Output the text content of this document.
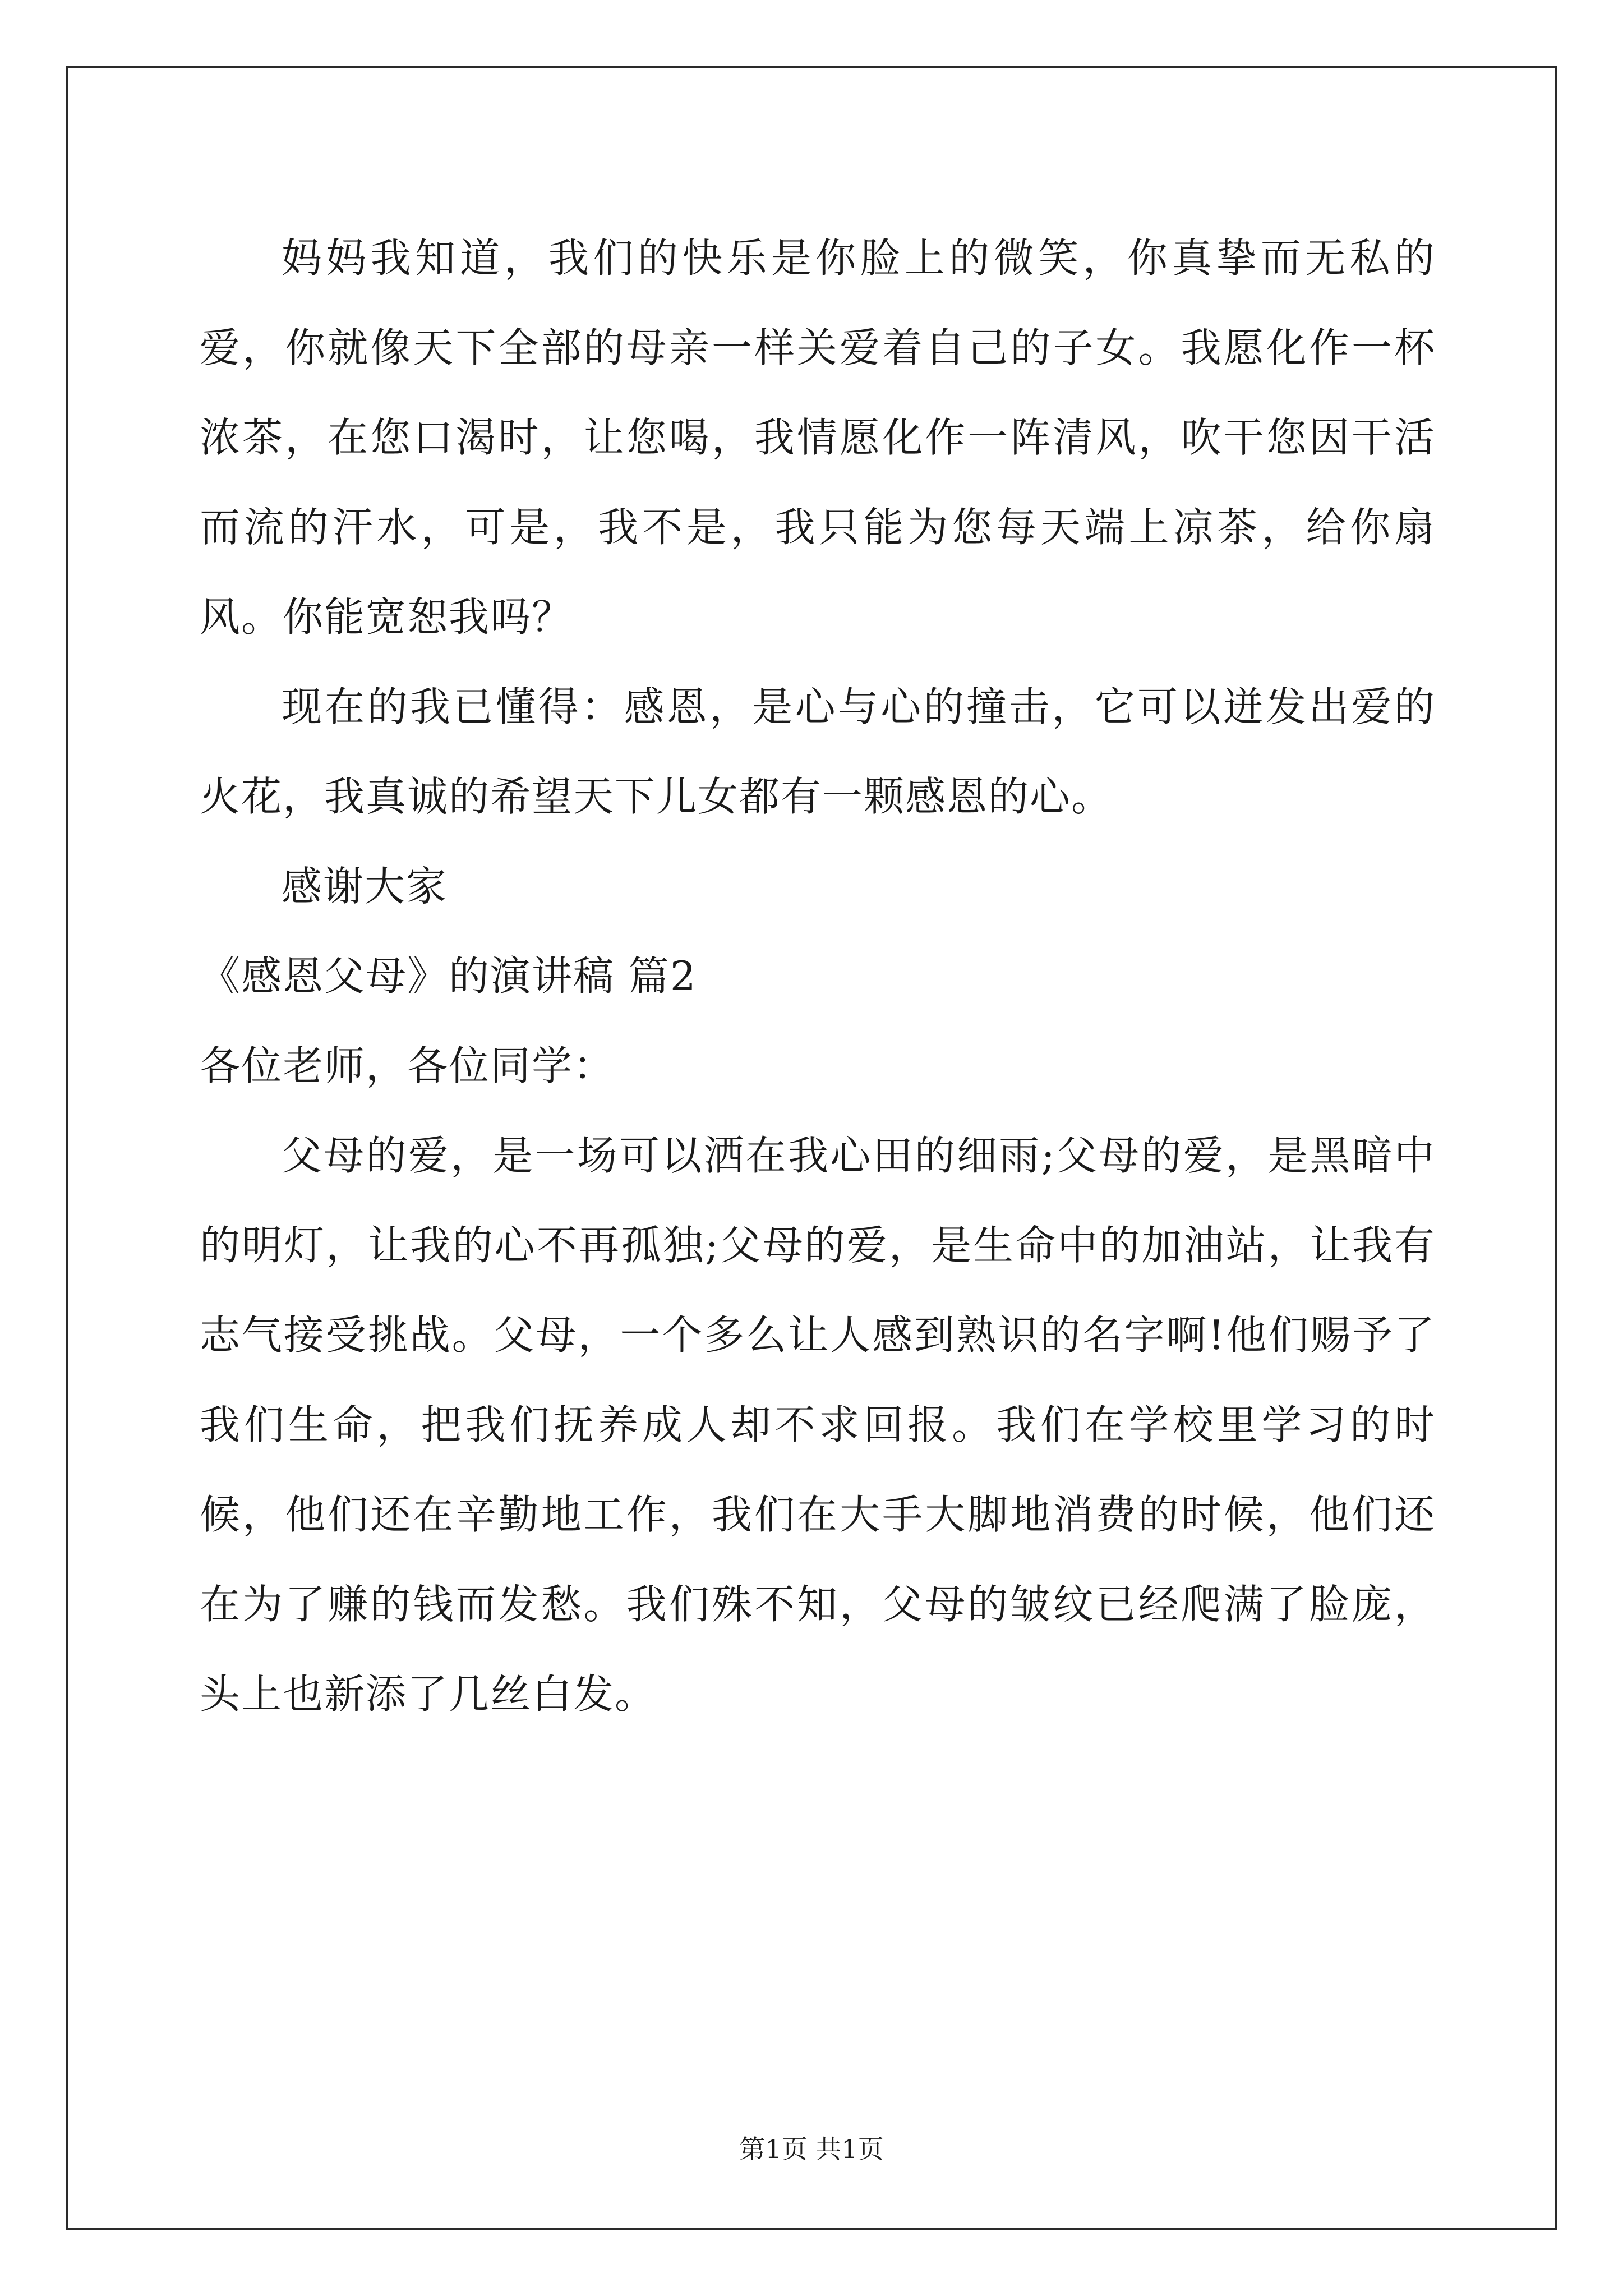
妈妈我知道，我们的快乐是你脸上的微笑，你真挚而无私的爱，你就像天下全部的母亲一样关爱着自己的子女。我愿化作一杯浓茶，在您口渴时，让您喝，我情愿化作一阵清风，吹干您因干活而流的汗水，可是，我不是，我只能为您每天端上凉茶，给你扇风。你能宽恕我吗？

现在的我已懂得：感恩，是心与心的撞击，它可以迸发出爱的火花，我真诚的希望天下儿女都有一颗感恩的心。

感谢大家

《感恩父母》的演讲稿 篇2

各位老师，各位同学：

父母的爱，是一场可以洒在我心田的细雨;父母的爱，是黑暗中的明灯，让我的心不再孤独;父母的爱，是生命中的加油站，让我有志气接受挑战。父母，一个多么让人感到熟识的名字啊!他们赐予了我们生命，把我们抚养成人却不求回报。我们在学校里学习的时候，他们还在辛勤地工作，我们在大手大脚地消费的时候，他们还在为了赚的钱而发愁。我们殊不知，父母的皱纹已经爬满了脸庞，头上也新添了几丝白发。

第1页 共1页
